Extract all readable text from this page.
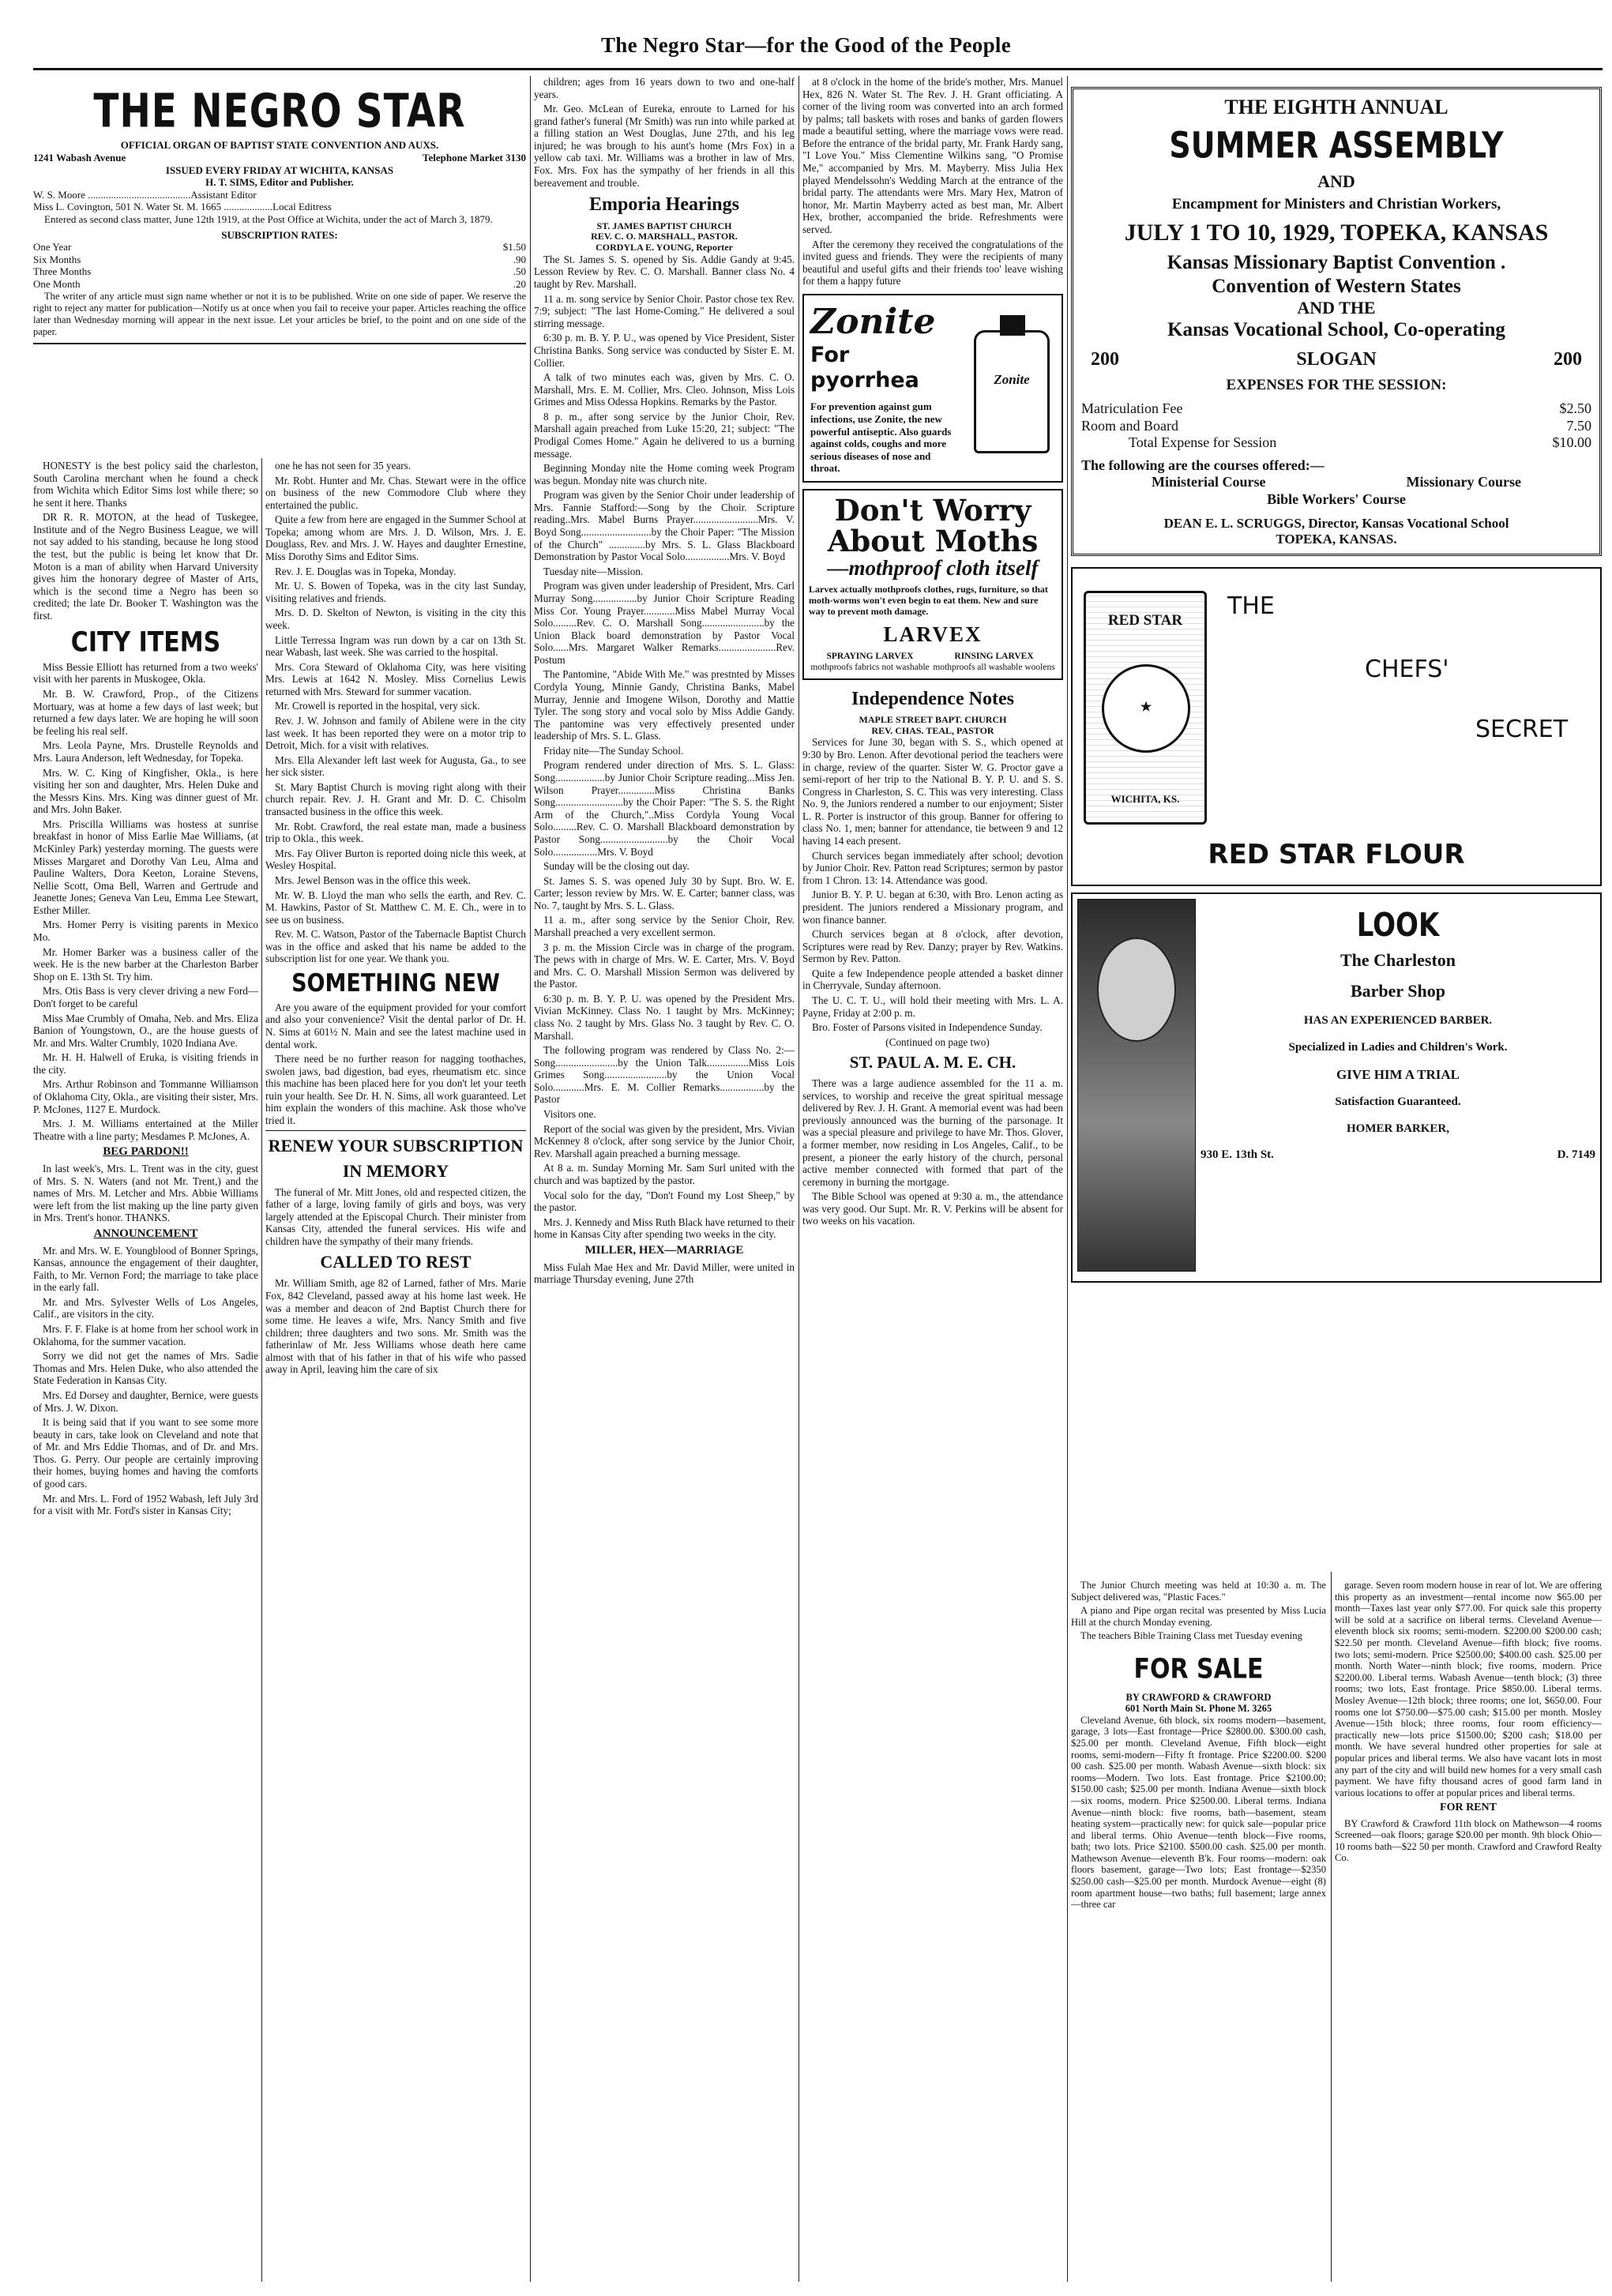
The Negro Star—for the Good of the People
THE NEGRO STAR
OFFICIAL ORGAN OF BAPTIST STATE CONVENTION AND AUXS.
1241 Wabash Avenue	Telephone Market 3130
ISSUED EVERY FRIDAY AT WICHITA, KANSAS
H. T. SIMS, Editor and Publisher.
W. S. Moore ........................................Assistant Editor
Miss L. Covington, 501 N. Water St. M. 1665 ...................Local Editress
Entered as second class matter, June 12th 1919, at the Post Office at Wichita, under the act of March 3, 1879.
SUBSCRIPTION RATES:
One Year	$1.50
Six Months	.90
Three Months	.50
One Month	.20
The writer of any article must sign name whether or not it is to be published. Write on one side of paper. We reserve the right to reject any matter for publication—Notify us at once when you fail to receive your paper. Articles reaching the office later than Wednesday morning will appear in the next issue. Let your articles be brief, to the point and on one side of the paper.

HONESTY is the best policy said the charleston, South Carolina merchant when he found a check from Wichita which Editor Sims lost while there; so he sent it here. Thanks

DR R. R. MOTON, at the head of Tuskegee, Institute and of the Negro Business League, we will not say added to his standing, because he long stood the test, but the public is being let know that Dr. Moton is a man of ability when Harvard University gives him the honorary degree of Master of Arts, which is the second time a Negro has been so credited; the late Dr. Booker T. Washington was the first.

CITY ITEMS

Miss Bessie Elliott has returned from a two weeks' visit with her parents in Muskogee, Okla.

Mr. B. W. Crawford, Prop., of the Citizens Mortuary, was at home a few days of last week; but returned a few days later. We are hoping he will soon be feeling his real self.

Mrs. Leola Payne, Mrs. Drustelle Reynolds and Mrs. Laura Anderson, left Wednesday, for Topeka.

Mrs. W. C. King of Kingfisher, Okla., is here visiting her son and daughter, Mrs. Helen Duke and the Messrs Kins. Mrs. King was dinner guest of Mr. and Mrs. John Baker.

Mrs. Priscilla Williams was hostess at sunrise breakfast in honor of Miss Earlie Mae Williams, (at McKinley Park) yesterday morning. The guests were Misses Margaret and Dorothy Van Leu, Alma and Pauline Walters, Dora Keeton, Loraine Stevens, Nellie Scott, Oma Bell, Warren and Gertrude and Jeanette Jones; Geneva Van Leu, Emma Lee Stewart, Esther Miller.

Mrs. Homer Perry is visiting parents in Mexico Mo.

Mr. Homer Barker was a business caller of the week. He is the new barber at the Charleston Barber Shop on E. 13th St. Try him.

Mrs. Otis Bass is very clever driving a new Ford—Don't forget to be careful

Miss Mae Crumbly of Omaha, Neb. and Mrs. Eliza Banion of Youngstown, O., are the house guests of Mr. and Mrs. Walter Crumbly, 1020 Indiana Ave.

Mr. H. H. Halwell of Eruka, is visiting friends in the city.

Mrs. Arthur Robinson and Tommanne Williamson of Oklahoma City, Okla., are visiting their sister, Mrs. P. McJones, 1127 E. Murdock.

Mrs. J. M. Williams entertained at the Miller Theatre with a line party; Mesdames P. McJones, A.

BEG PARDON!!

In last week's, Mrs. L. Trent was in the city, guest of Mrs. S. N. Waters (and not Mr. Trent,) and the names of Mrs. M. Letcher and Mrs. Abbie Williams were left from the list making up the line party given in Mrs. Trent's honor. THANKS.

ANNOUNCEMENT

Mr. and Mrs. W. E. Youngblood of Bonner Springs, Kansas, announce the engagement of their daughter, Faith, to Mr. Vernon Ford; the marriage to take place in the early fall.

Mr. and Mrs. Sylvester Wells of Los Angeles, Calif., are visitors in the city.

Mrs. F. F. Flake is at home from her school work in Oklahoma, for the summer vacation.

Sorry we did not get the names of Mrs. Sadie Thomas and Mrs. Helen Duke, who also attended the State Federation in Kansas City.

Mrs. Ed Dorsey and daughter, Bernice, were guests of Mrs. J. W. Dixon.

It is being said that if you want to see some more beauty in cars, take look on Cleveland and note that of Mr. and Mrs Eddie Thomas, and of Dr. and Mrs. Thos. G. Perry. Our people are certainly improving their homes, buying homes and having the comforts of good cars.

Mr. and Mrs. L. Ford of 1952 Wabash, left July 3rd for a visit with Mr. Ford's sister in Kansas City;

one he has not seen for 35 years.

Mr. Robt. Hunter and Mr. Chas. Stewart were in the office on business of the new Commodore Club where they entertained the public.

Quite a few from here are engaged in the Summer School at Topeka; among whom are Mrs. J. D. Wilson, Mrs. J. E. Douglass, Rev. and Mrs. J. W. Hayes and daughter Ernestine, Miss Dorothy Sims and Editor Sims.

Rev. J. E. Douglas was in Topeka, Monday.

Mr. U. S. Bowen of Topeka, was in the city last Sunday, visiting relatives and friends.

Mrs. D. D. Skelton of Newton, is visiting in the city this week.

Little Terressa Ingram was run down by a car on 13th St. near Wabash, last week. She was carried to the hospital.

Mrs. Cora Steward of Oklahoma City, was here visiting Mrs. Lewis at 1642 N. Mosley. Miss Cornelius Lewis returned with Mrs. Steward for summer vacation.

Mr. Crowell is reported in the hospital, very sick.

Rev. J. W. Johnson and family of Abilene were in the city last week. It has been reported they were on a motor trip to Detroit, Mich. for a visit with relatives.

Mrs. Ella Alexander left last week for Augusta, Ga., to see her sick sister.

St. Mary Baptist Church is moving right along with their church repair. Rev. J. H. Grant and Mr. D. C. Chisolm transacted business in the office this week.

Mr. Robt. Crawford, the real estate man, made a business trip to Okla., this week.

Mrs. Fay Oliver Burton is reported doing nicle this week, at Wesley Hospital.

Mrs. Jewel Benson was in the office this week.

Mr. W. B. Lloyd the man who sells the earth, and Rev. C. M. Hawkins, Pastor of St. Matthew C. M. E. Ch., were in to see us on business.

Rev. M. C. Watson, Pastor of the Tabernacle Baptist Church was in the office and asked that his name be added to the subscription list for one year. We thank you.

SOMETHING NEW

Are you aware of the equipment provided for your comfort and also your convenience? Visit the dental parlor of Dr. H. N. Sims at 601½ N. Main and see the latest machine used in dental work.

There need be no further reason for nagging toothaches, swolen jaws, bad digestion, bad eyes, rheumatism etc. since this machine has been placed here for you don't let your teeth ruin your health. See Dr. H. N. Sims, all work guaranteed. Let him explain the wonders of this machine. Ask those who've tried it.

RENEW YOUR SUBSCRIPTION
IN MEMORY

The funeral of Mr. Mitt Jones, old and respected citizen, the father of a large, loving family of girls and boys, was very largely attended at the Episcopal Church. Their minister from Kansas City, attended the funeral services. His wife and children have the sympathy of their many friends.

CALLED TO REST

Mr. William Smith, age 82 of Larned, father of Mrs. Marie Fox, 842 Cleveland, passed away at his home last week. He was a member and deacon of 2nd Baptist Church there for some time. He leaves a wife, Mrs. Nancy Smith and five children; three daughters and two sons. Mr. Smith was the fatherinlaw of Mr. Jess Williams whose death here came almost with that of his father in that of his wife who passed away in April, leaving him the care of six

children; ages from 16 years down to two and one-half years.

Mr. Geo. McLean of Eureka, enroute to Larned for his grand father's funeral (Mr Smith) was run into while parked at a filling station an West Douglas, June 27th, and his leg injured; he was brough to his aunt's home (Mrs Fox) in a yellow cab taxi. Mr. Williams was a brother in law of Mrs. Fox. Mrs. Fox has the sympathy of her friends in all this bereavement and trouble.

Emporia Hearings
ST. JAMES BAPTIST CHURCH
REV. C. O. MARSHALL, PASTOR.
CORDYLA E. YOUNG, Reporter

The St. James S. S. opened by Sis. Addie Gandy at 9:45. Lesson Review by Rev. C. O. Marshall. Banner class No. 4 taught by Rev. Marshall.

11 a. m. song service by Senior Choir. Pastor chose tex Rev. 7:9; subject: "The last Home-Coming." He delivered a soul stirring message.

6:30 p. m. B. Y. P. U., was opened by Vice President, Sister Christina Banks. Song service was conducted by Sister E. M. Collier.

A talk of two minutes each was, given by Mrs. C. O. Marshall, Mrs. E. M. Collier, Mrs. Cleo. Johnson, Miss Lois Grimes and Miss Odessa Hopkins. Remarks by the Pastor.

8 p. m., after song service by the Junior Choir, Rev. Marshall again preached from Luke 15:20, 21; subject: "The Prodigal Comes Home." Again he delivered to us a burning message.

Beginning Monday nite the Home coming week Program was begun. Monday nite was church nite.

Program was given by the Senior Choir under leadership of Mrs. Fannie Stafford:—Song by the Choir. Scripture reading..Mrs. Mabel Burns Prayer.........................Mrs. V. Boyd Song...........................by the Choir Paper: "The Mission of the Church" ..............by Mrs. S. L. Glass Blackboard Demonstration by Pastor Vocal Solo.................Mrs. V. Boyd

Tuesday nite—Mission.

Program was given under leadership of President, Mrs. Carl Murray Song.................by Junior Choir Scripture Reading Miss Cor. Young Prayer............Miss Mabel Murray Vocal Solo.........Rev. C. O. Marshall Song........................by the Union Black board demonstration by Pastor Vocal Solo......Mrs. Margaret Walker Remarks......................Rev. Postum

The Pantomine, "Abide With Me." was prestnted by Misses Cordyla Young, Minnie Gandy, Christina Banks, Mabel Murray, Jennie and Imogene Wilson, Dorothy and Mattie Tyler. The song story and vocal solo by Miss Addie Gandy. The pantomine was very effectively presented under leadership of Mrs. S. L. Glass.

Friday nite—The Sunday School.

Program rendered under direction of Mrs. S. L. Glass: Song...................by Junior Choir Scripture reading...Miss Jen. Wilson Prayer..............Miss Christina Banks Song..........................by the Choir Paper: "The S. S. the Right Arm of the Church,"..Miss Cordyla Young Vocal Solo.........Rev. C. O. Marshall Blackboard demonstration by Pastor Song..........................by the Choir Vocal Solo.................Mrs. V. Boyd

Sunday will be the closing out day.

St. James S. S. was opened July 30 by Supt. Bro. W. E. Carter; lesson review by Mrs. W. E. Carter; banner class, was No. 7, taught by Mrs. S. L. Glass.

11 a. m., after song service by the Senior Choir, Rev. Marshall preached a very excellent sermon.

3 p. m. the Mission Circle was in charge of the program. The pews with in charge of Mrs. W. E. Carter, Mrs. V. Boyd and Mrs. C. O. Marshall Mission Sermon was delivered by the Pastor.

6:30 p. m. B. Y. P. U. was opened by the President Mrs. Vivian McKinney. Class No. 1 taught by Mrs. McKinney; class No. 2 taught by Mrs. Glass No. 3 taught by Rev. C. O. Marshall.

The following program was rendered by Class No. 2:— Song........................by the Union Talk................Miss Lois Grimes Song........................by the Union Vocal Solo............Mrs. E. M. Collier Remarks.................by the Pastor

Visitors one.

Report of the social was given by the president, Mrs. Vivian McKenney 8 o'clock, after song service by the Junior Choir, Rev. Marshall again preached a burning message.

At 8 a. m. Sunday Morning Mr. Sam Surl united with the church and was baptized by the pastor.

Vocal solo for the day, "Don't Found my Lost Sheep," by the pastor.

Mrs. J. Kennedy and Miss Ruth Black have returned to their home in Kansas City after spending two weeks in the city.

MILLER, HEX—MARRIAGE

Miss Fulah Mae Hex and Mr. David Miller, were united in marriage Thursday evening, June 27th

at 8 o'clock in the home of the bride's mother, Mrs. Manuel Hex, 826 N. Water St. The Rev. J. H. Grant officiating. A corner of the living room was converted into an arch formed by palms; tall baskets with roses and banks of garden flowers made a beautiful setting, where the marriage vows were read. Before the entrance of the bridal party, Mr. Frank Hardy sang, "I Love You." Miss Clementine Wilkins sang, "O Promise Me," accompanied by Mrs. M. Mayberry. Miss Julia Hex played Mendelssohn's Wedding March at the entrance of the bridal party. The attendants were Mrs. Mary Hex, Matron of honor, Mr. Martin Mayberry acted as best man, Mr. Albert Hex, brother, accompanied the bride. Refreshments were served.

After the ceremony they received the congratulations of the invited guess and friends. They were the recipients of many beautiful and useful gifts and their friends too' leave wishing for them a happy future

Zonite
For pyorrhea
For prevention against gum infections, use Zonite, the new powerful antiseptic. Also guards against colds, coughs and more serious diseases of nose and throat.
Zonite
Don't Worry About Moths
—mothproof cloth itself
Larvex actually mothproofs clothes, rugs, furniture, so that moth-worms won't even begin to eat them. New and sure way to prevent moth damage.
LARVEX
SPRAYING LARVEX
mothproofs fabrics not washable
RINSING LARVEX
mothproofs all washable woolens
Independence Notes
MAPLE STREET BAPT. CHURCH
REV. CHAS. TEAL, PASTOR

Services for June 30, began with S. S., which opened at 9:30 by Bro. Lenon. After devotional period the teachers were in charge, review of the quarter. Sister W. G. Proctor gave a semi-report of her trip to the National B. Y. P. U. and S. S. Congress in Charleston, S. C. This was very interesting. Class No. 9, the Juniors rendered a number to our enjoyment; Sister L. R. Porter is instructor of this group. Banner for offering to class No. 1, men; banner for attendance, tie between 9 and 12 having 14 each present.

Church services began immediately after school; devotion by Junior Choir. Rev. Patton read Scriptures; sermon by pastor from 1 Chron. 13: 14. Attendance was good.

Junior B. Y. P. U. began at 6:30, with Bro. Lenon acting as president. The juniors rendered a Missionary program, and won finance banner.

Church services began at 8 o'clock, after devotion, Scriptures were read by Rev. Danzy; prayer by Rev. Watkins. Sermon by Rev. Patton.

Quite a few Independence people attended a basket dinner in Cherryvale, Sunday afternoon.

The U. C. T. U., will hold their meeting with Mrs. L. A. Payne, Friday at 2:00 p. m.

Bro. Foster of Parsons visited in Independence Sunday.

(Continued on page two)

ST. PAUL A. M. E. CH.

There was a large audience assembled for the 11 a. m. services, to worship and receive the great spiritual message delivered by Rev. J. H. Grant. A memorial event was had been previously announced was the burning of the parsonage. It was a special pleasure and privilege to have Mr. Thos. Glover, a former member, now residing in Los Angeles, Calif., to be present, a pioneer the early history of the church, personal active member connected with formed that part of the ceremony in burning the mortgage.

The Bible School was opened at 9:30 a. m., the attendance was very good. Our Supt. Mr. R. V. Perkins will be absent for two weeks on his vacation.

THE EIGHTH ANNUAL
SUMMER ASSEMBLY
AND
Encampment for Ministers and Christian Workers,
JULY 1 TO 10, 1929, TOPEKA, KANSAS
Kansas Missionary Baptist Convention .
Convention of Western States
AND THE
Kansas Vocational School, Co-operating
200	SLOGAN	200
EXPENSES FOR THE SESSION:
Matriculation Fee	$2.50
Room and Board	7.50
Total Expense for Session	$10.00
The following are the courses offered:—
Ministerial Course	Missionary Course
Bible Workers' Course
DEAN E. L. SCRUGGS, Director, Kansas Vocational School
TOPEKA, KANSAS.
RED STAR
★
WICHITA, KS.
THE
CHEFS'
SECRET
RED STAR FLOUR
LOOK
The Charleston
Barber Shop
HAS AN EXPERIENCED BARBER.
Specialized in Ladies and Children's Work.
GIVE HIM A TRIAL
Satisfaction Guaranteed.
HOMER BARKER,
930 E. 13th St.	D. 7149

The Junior Church meeting was held at 10:30 a. m. The Subject delivered was, "Plastic Faces."

A piano and Pipe organ recital was presented by Miss Lucia Hill at the church Monday evening.

The teachers Bible Training Class met Tuesday evening

FOR SALE
BY CRAWFORD & CRAWFORD
601 North Main St. Phone M. 3265

Cleveland Avenue, 6th block, six rooms modern—basement, garage, 3 lots—East frontage—Price $2800.00. $300.00 cash, $25.00 per month. Cleveland Avenue, Fifth block—eight rooms, semi-modern—Fifty ft frontage. Price $2200.00. $200 00 cash. $25.00 per month. Wabash Avenue—sixth block: six rooms—Modern. Two lots. East frontage. Price $2100.00; $150.00 cash; $25.00 per month. Indiana Avenue—sixth block—six rooms, modern. Price $2500.00. Liberal terms. Indiana Avenue—ninth block: five rooms, bath—basement, steam heating system—practically new: for quick sale—popular price and liberal terms. Ohio Avenue—tenth block—Five rooms, bath; two lots. Price $2100. $500.00 cash. $25.00 per month. Mathewson Avenue—eleventh B'k. Four rooms—modern: oak floors basement, garage—Two lots; East frontage—$2350 $250.00 cash—$25.00 per month. Murdock Avenue—eight (8) room apartment house—two baths; full basement; large annex—three car

garage. Seven room modern house in rear of lot. We are offering this property as an investment—rental income now $65.00 per month—Taxes last year only $77.00. For quick sale this property will be sold at a sacrifice on liberal terms. Cleveland Avenue—eleventh block six rooms; semi-modern. $2200.00 $200.00 cash; $22.50 per month. Cleveland Avenue—fifth block; five rooms. two lots; semi-modern. Price $2500.00; $400.00 cash. $25.00 per month. North Water—ninth block; five rooms, modern. Price $2200.00. Liberal terms. Wabash Avenue—tenth block; (3) three rooms; two lots, East frontage. Price $850.00. Liberal terms. Mosley Avenue—12th block; three rooms; one lot, $650.00. Four rooms one lot $750.00—$75.00 cash; $15.00 per month. Mosley Avenue—15th block; three rooms, four room efficiency—practically new—lots price $1500.00; $200 cash; $18.00 per month. We have several hundred other properties for sale at popular prices and liberal terms. We also have vacant lots in most any part of the city and will build new homes for a very small cash payment. We have fifty thousand acres of good farm land in various locations to offer at popular prices and liberal terms.

FOR RENT

BY Crawford & Crawford 11th block on Mathewson—4 rooms Screened—oak floors; garage $20.00 per month. 9th block Ohio—10 rooms bath—$22 50 per month. Crawford and Crawford Realty Co.
